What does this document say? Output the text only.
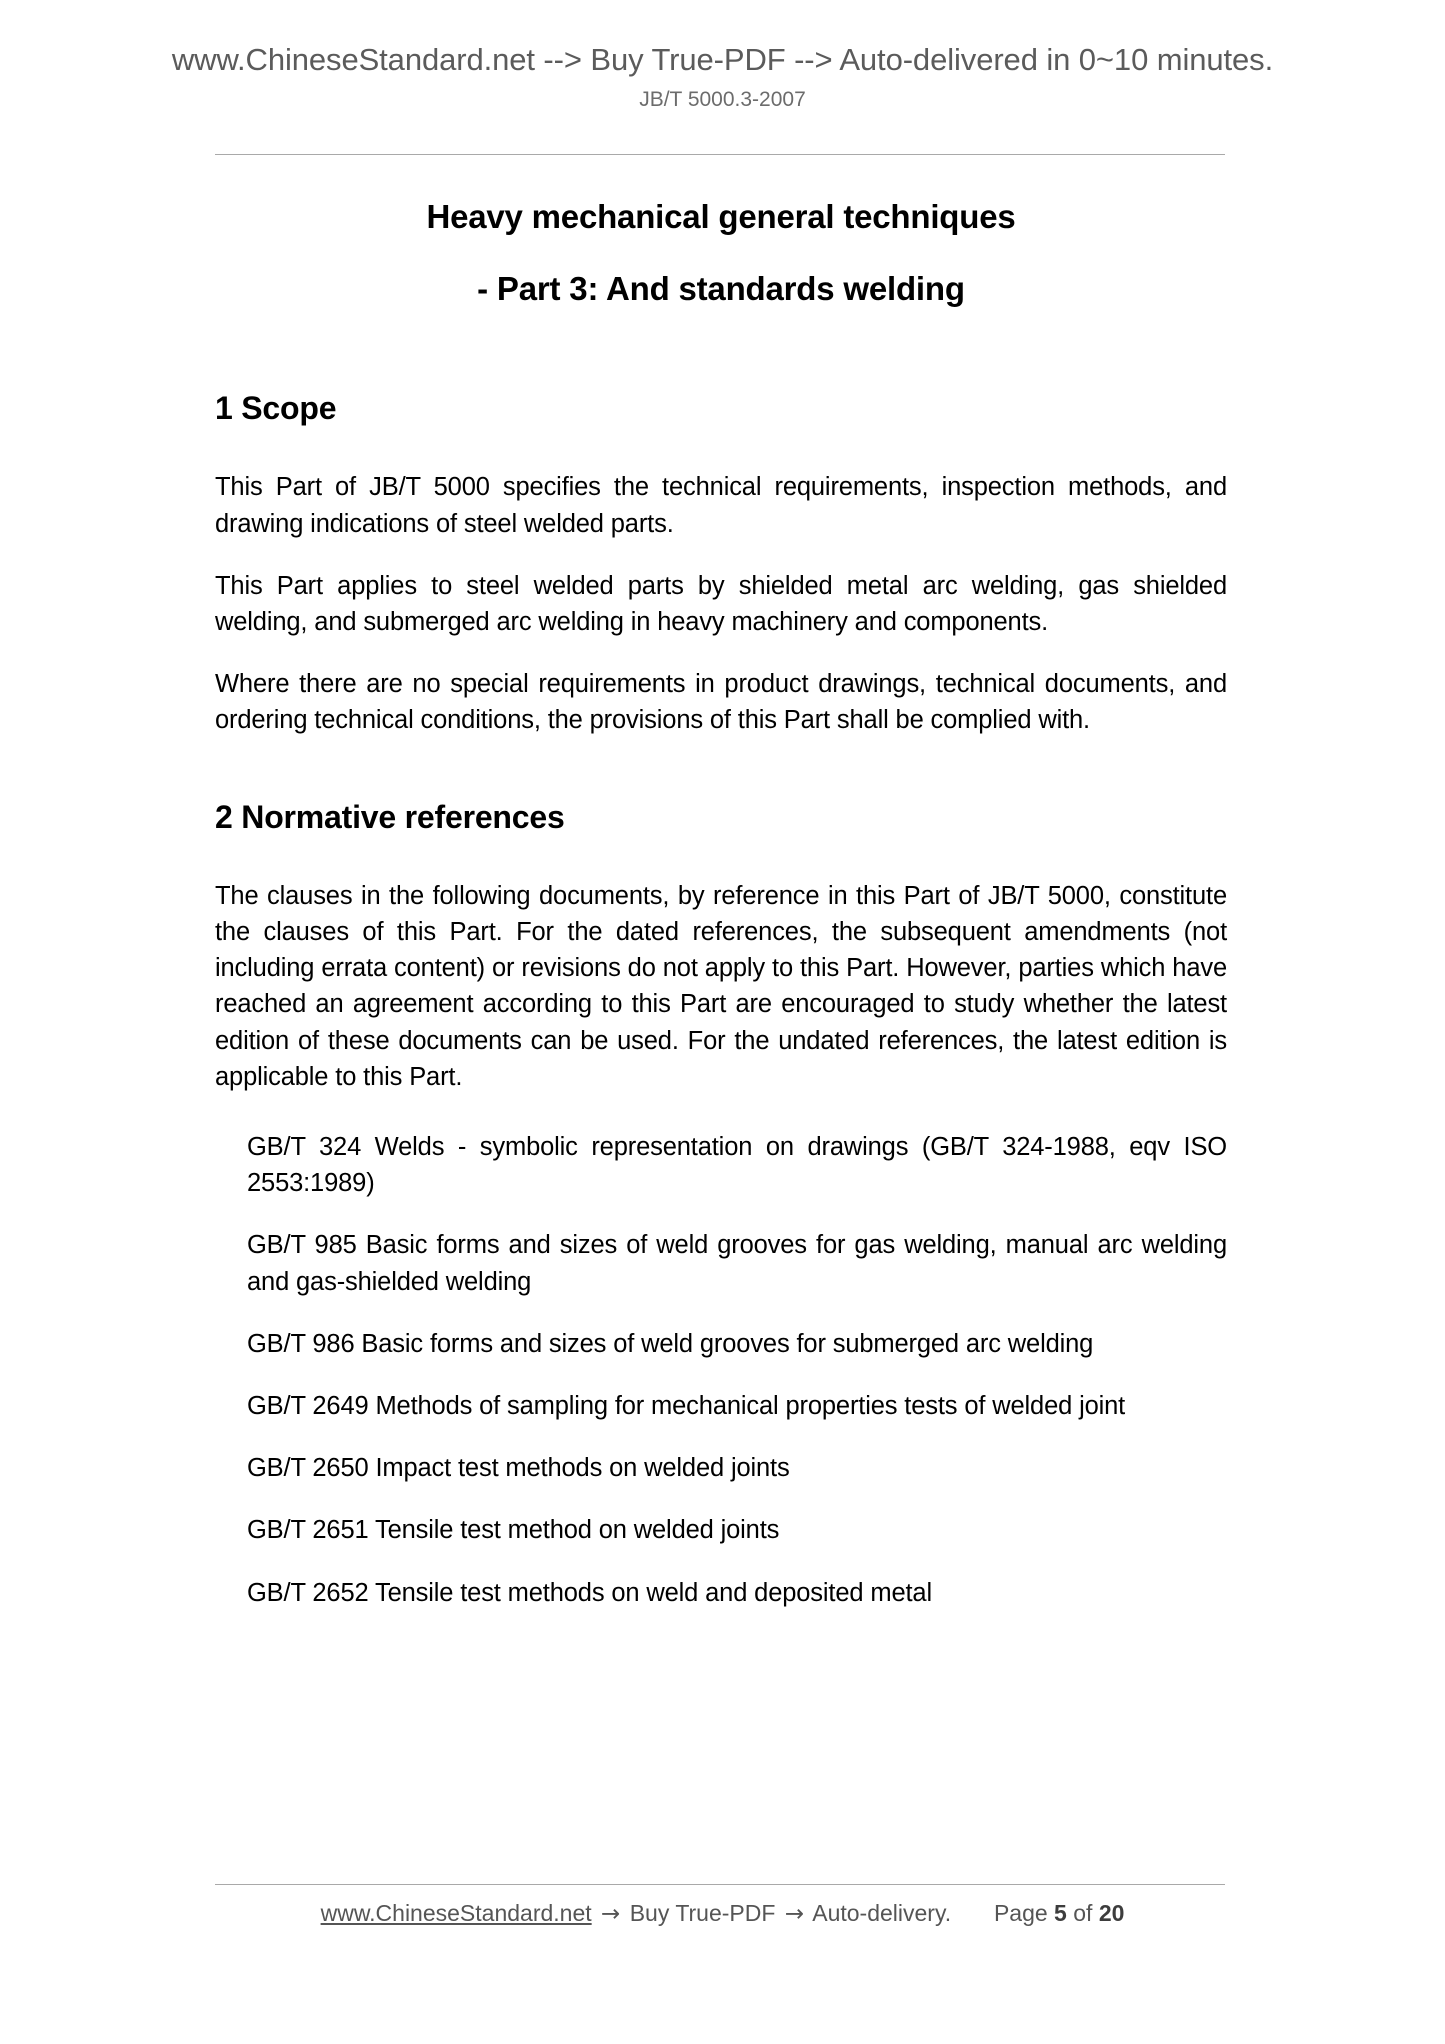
www.ChineseStandard.net --> Buy True-PDF --> Auto-delivered in 0~10 minutes.
JB/T 5000.3-2007
Heavy mechanical general techniques
- Part 3: And standards welding
1 Scope

This Part of JB/T 5000 specifies the technical requirements, inspection methods, and drawing indications of steel welded parts.

This Part applies to steel welded parts by shielded metal arc welding, gas shielded welding, and submerged arc welding in heavy machinery and components.

Where there are no special requirements in product drawings, technical documents, and ordering technical conditions, the provisions of this Part shall be complied with.

2 Normative references

The clauses in the following documents, by reference in this Part of JB/T 5000, constitute the clauses of this Part. For the dated references, the subsequent amendments (not including errata content) or revisions do not apply to this Part. However, parties which have reached an agreement according to this Part are encouraged to study whether the latest edition of these documents can be used. For the undated references, the latest edition is applicable to this Part.

GB/T 324 Welds - symbolic representation on drawings (GB/T 324-1988, eqv ISO 2553:1989)

GB/T 985 Basic forms and sizes of weld grooves for gas welding, manual arc welding and gas-shielded welding

GB/T 986 Basic forms and sizes of weld grooves for submerged arc welding

GB/T 2649 Methods of sampling for mechanical properties tests of welded joint

GB/T 2650 Impact test methods on welded joints

GB/T 2651 Tensile test method on welded joints

GB/T 2652 Tensile test methods on weld and deposited metal

www.ChineseStandard.net → Buy True-PDF → Auto-delivery. Page 5 of 20
